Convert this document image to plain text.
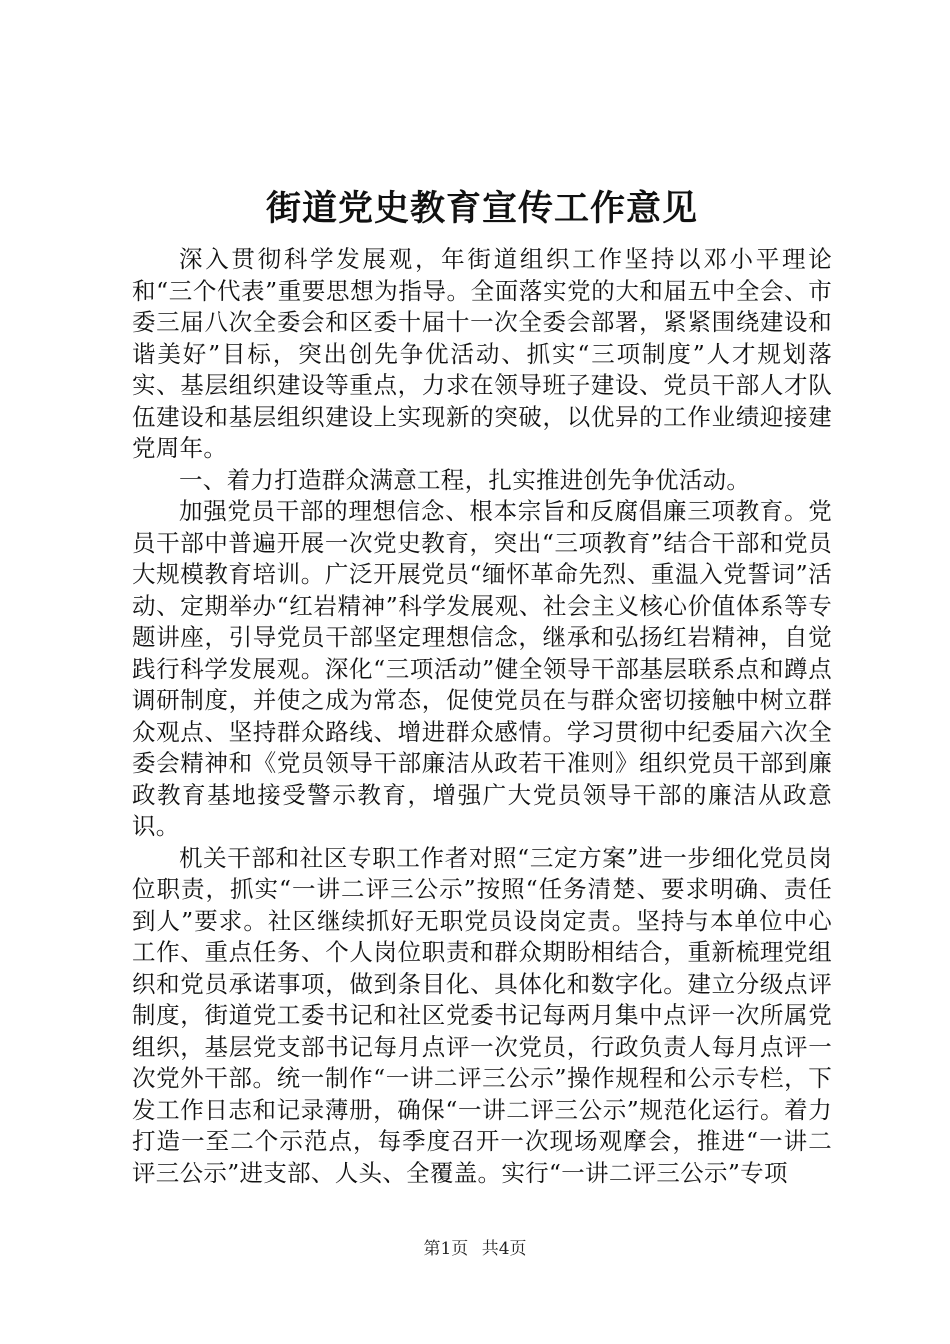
街道党史教育宣传工作意见

深入贯彻科学发展观，年街道组织工作坚持以邓小平理论和“三个代表”重要思想为指导。全面落实党的大和届五中全会、市委三届八次全委会和区委十届十一次全委会部署，紧紧围绕建设和谐美好”目标，突出创先争优活动、抓实“三项制度”人才规划落实、基层组织建设等重点，力求在领导班子建设、党员干部人才队伍建设和基层组织建设上实现新的突破，以优异的工作业绩迎接建党周年。

一、着力打造群众满意工程，扎实推进创先争优活动。

加强党员干部的理想信念、根本宗旨和反腐倡廉三项教育。党员干部中普遍开展一次党史教育，突出“三项教育”结合干部和党员大规模教育培训。广泛开展党员“缅怀革命先烈、重温入党誓词”活动、定期举办“红岩精神”科学发展观、社会主义核心价值体系等专题讲座，引导党员干部坚定理想信念，继承和弘扬红岩精神，自觉践行科学发展观。深化“三项活动”健全领导干部基层联系点和蹲点调研制度，并使之成为常态，促使党员在与群众密切接触中树立群众观点、坚持群众路线、增进群众感情。学习贯彻中纪委届六次全委会精神和《党员领导干部廉洁从政若干准则》组织党员干部到廉政教育基地接受警示教育，增强广大党员领导干部的廉洁从政意识。

机关干部和社区专职工作者对照“三定方案”进一步细化党员岗位职责，抓实“一讲二评三公示”按照“任务清楚、要求明确、责任到人”要求。社区继续抓好无职党员设岗定责。坚持与本单位中心工作、重点任务、个人岗位职责和群众期盼相结合，重新梳理党组织和党员承诺事项，做到条目化、具体化和数字化。建立分级点评制度，街道党工委书记和社区党委书记每两月集中点评一次所属党组织，基层党支部书记每月点评一次党员，行政负责人每月点评一次党外干部。统一制作“一讲二评三公示”操作规程和公示专栏，下发工作日志和记录薄册，确保“一讲二评三公示”规范化运行。着力打造一至二个示范点，每季度召开一次现场观摩会，推进“一讲二评三公示”进支部、人头、全覆盖。实行“一讲二评三公示”专项

第1页 共4页
